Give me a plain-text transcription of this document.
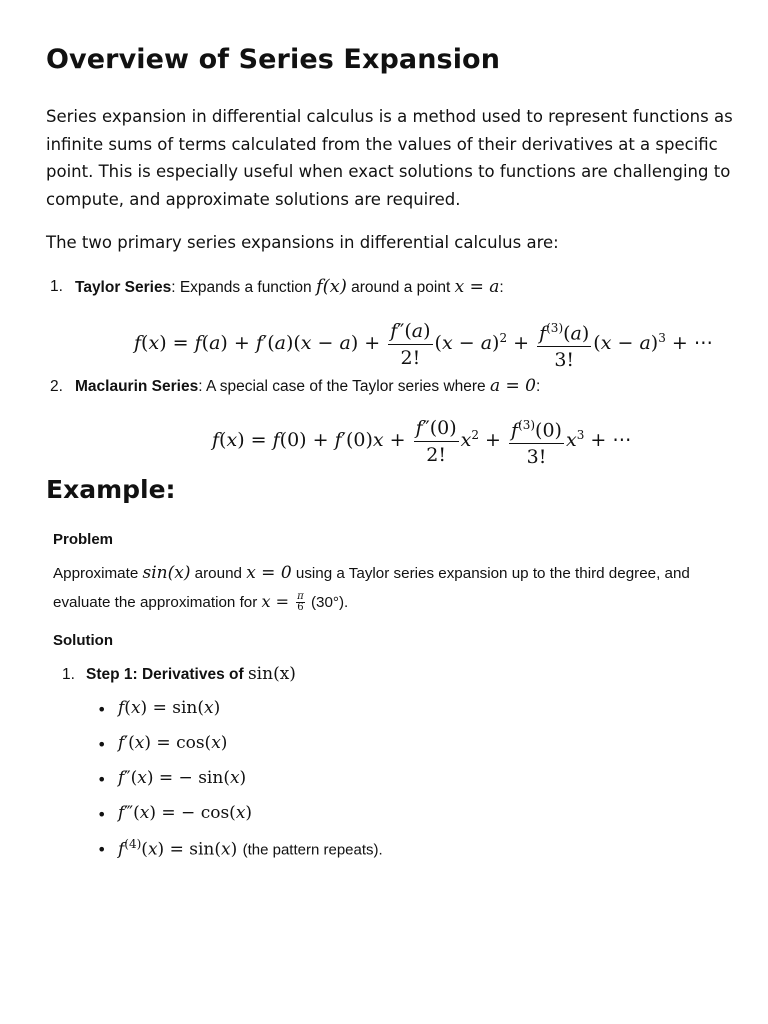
Overview of Series Expansion

Series expansion in differential calculus is a method used to represent functions as infinite sums of terms calculated from the values of their derivatives at a specific point. This is especially useful when exact solutions to functions are challenging to compute, and approximate solutions are required.

The two primary series expansions in differential calculus are:

1. Taylor Series: Expands a function f(x) around a point x = a:
$f(x) = f(a) + f'(a)(x - a) + \frac{f''(a)}{2!} (x - a)^2 + \frac{f^{(3)}(a)}{3!} (x - a)^3$ + ⋯
2. Maclaurin Series: A special case of the Taylor series where a = 0:
$f(x) = f(0) + f'(0)x + \frac{f''(0)}{2!} x^2 + \frac{f^{(3)}(0)}{3!} x^3$ + ⋯
Example:
Problem
Approximate sin(x) around x = 0 using a Taylor series expansion up to the third degree, and
evaluate the approximation for $x = \frac{\pi}{6} (30^\circ)$.
Solution
1. Step 1: Derivatives of sin(x)
• f(x) = sin(x)
• f′(x) = cos(x)
• f″(x) = − sin(x)
• f‴(x) = − cos(x)
• $f^{(4)}(x) = \sin(x)$ (the pattern repeats).
